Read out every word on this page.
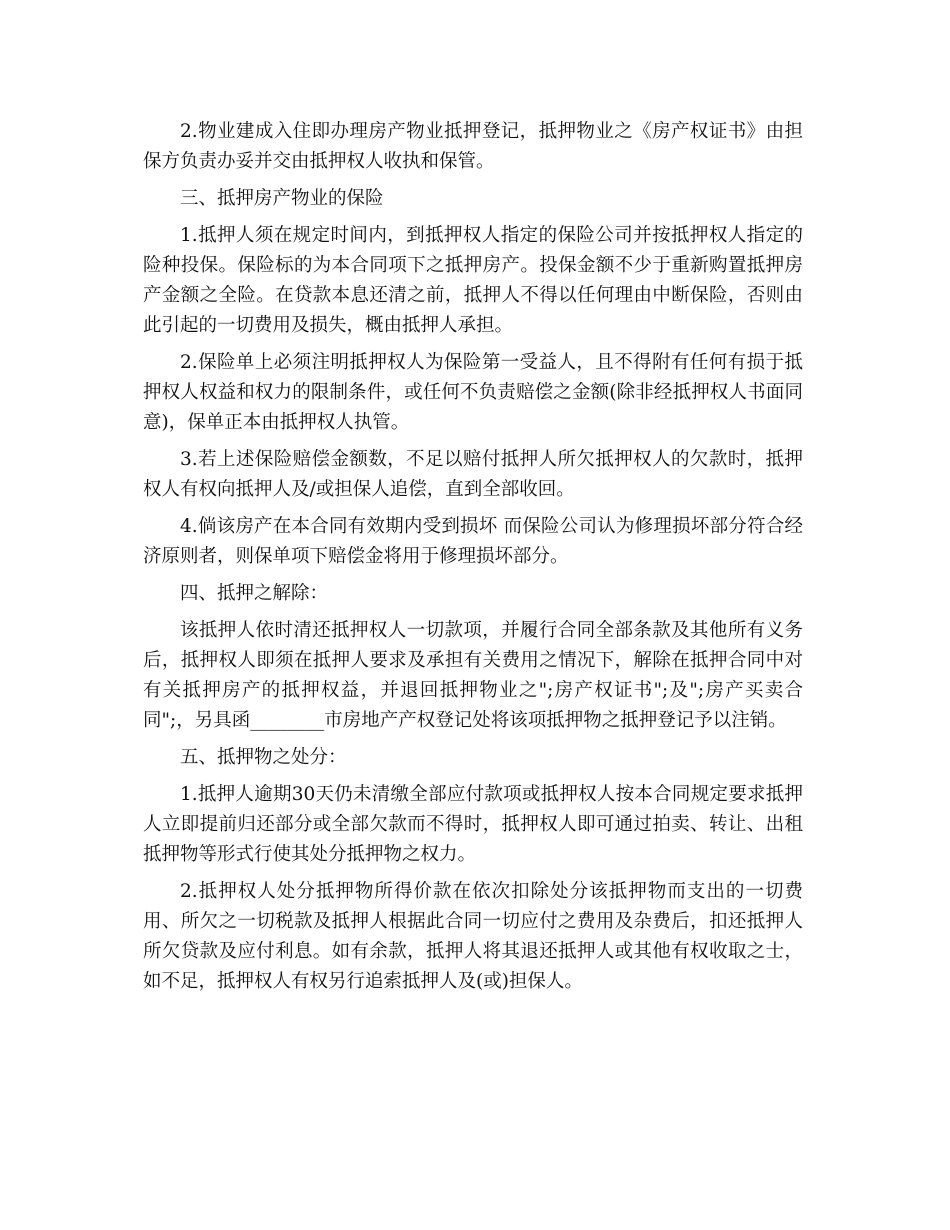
2.物业建成入住即办理房产物业抵押登记，抵押物业之《房产权证书》由担保方负责办妥并交由抵押权人收执和保管。

三、抵押房产物业的保险

1.抵押人须在规定时间内，到抵押权人指定的保险公司并按抵押权人指定的险种投保。保险标的为本合同项下之抵押房产。投保金额不少于重新购置抵押房产金额之全险。在贷款本息还清之前，抵押人不得以任何理由中断保险，否则由此引起的一切费用及损失，概由抵押人承担。

2.保险单上必须注明抵押权人为保险第一受益人，且不得附有任何有损于抵押权人权益和权力的限制条件，或任何不负责赔偿之金额(除非经抵押权人书面同意)，保单正本由抵押权人执管。

3.若上述保险赔偿金额数，不足以赔付抵押人所欠抵押权人的欠款时，抵押权人有权向抵押人及/或担保人追偿，直到全部收回。

4.倘该房产在本合同有效期内受到损坏 而保险公司认为修理损坏部分符合经济原则者，则保单项下赔偿金将用于修理损坏部分。

四、抵押之解除：

该抵押人依时清还抵押权人一切款项，并履行合同全部条款及其他所有义务后，抵押权人即须在抵押人要求及承担有关费用之情况下，解除在抵押合同中对有关抵押房产的抵押权益，并退回抵押物业之";房产权证书";及";房产买卖合同";，另具函________市房地产产权登记处将该项抵押物之抵押登记予以注销。

五、抵押物之处分：

1.抵押人逾期30天仍未清缴全部应付款项或抵押权人按本合同规定要求抵押人立即提前归还部分或全部欠款而不得时，抵押权人即可通过拍卖、转让、出租抵押物等形式行使其处分抵押物之权力。

2.抵押权人处分抵押物所得价款在依次扣除处分该抵押物而支出的一切费用、所欠之一切税款及抵押人根据此合同一切应付之费用及杂费后，扣还抵押人所欠贷款及应付利息。如有余款，抵押人将其退还抵押人或其他有权收取之士，如不足，抵押权人有权另行追索抵押人及(或)担保人。
